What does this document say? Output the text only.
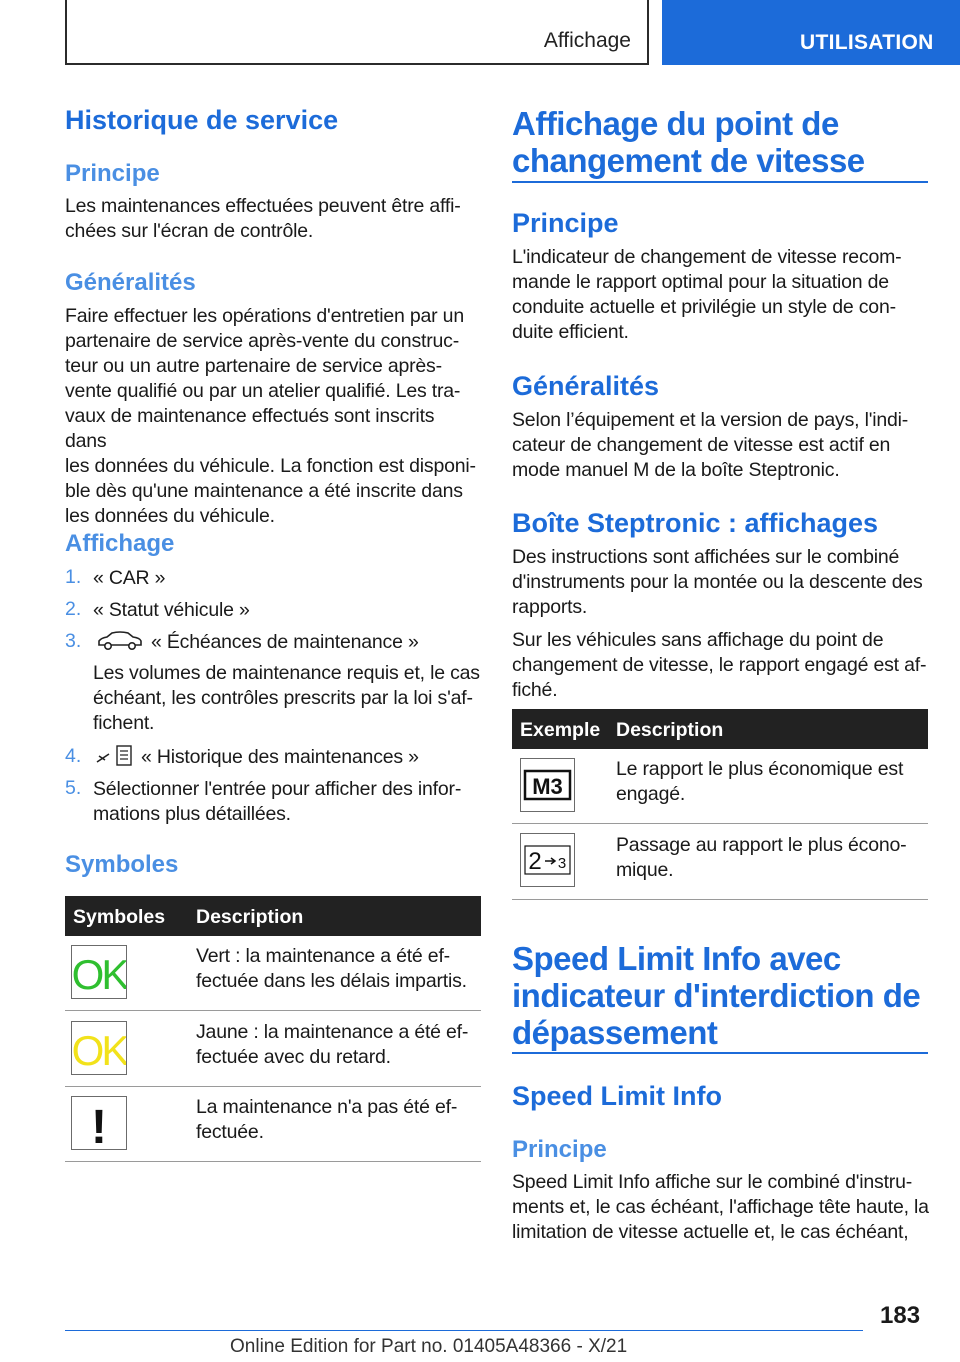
Affichage	UTILISATION
Historique de service
Principe
Les maintenances effectuées peuvent être affi-
chées sur l'écran de contrôle.
Généralités
Faire effectuer les opérations d'entretien par un
partenaire de service après-vente du construc-
teur ou un autre partenaire de service après-
vente qualifié ou par un atelier qualifié. Les tra-
vaux de maintenance effectués sont inscrits dans
les données du véhicule. La fonction est disponi-
ble dès qu'une maintenance a été inscrite dans
les données du véhicule.
Affichage
1. « CAR »
2. « Statut véhicule »
3.	« Échéances de maintenance »
Les volumes de maintenance requis et, le cas
échéant, les contrôles prescrits par la loi s'af-
fichent.
4.	« Historique des maintenances »
5. Sélectionner l'entrée pour afficher des infor-
mations plus détaillées.
Symboles
Symboles Description
OK	Vert : la maintenance a été ef-
fectuée dans les délais impartis.
OK	Jaune : la maintenance a été ef-
fectuée avec du retard.
!	La maintenance n'a pas été ef-
fectuée.
Affichage du point de
changement de vitesse
Principe
L'indicateur de changement de vitesse recom-
mande le rapport optimal pour la situation de
conduite actuelle et privilégie un style de con-
duite efficient.
Généralités
Selon l’équipement et la version de pays, l'indi-
cateur de changement de vitesse est actif en
mode manuel M de la boîte Steptronic.
Boîte Steptronic : affichages
Des instructions sont affichées sur le combiné
d'instruments pour la montée ou la descente des
rapports.
Sur les véhicules sans affichage du point de
changement de vitesse, le rapport engagé est af-
fiché.
Exemple Description
M3
Le rapport le plus économique est
engagé.
2 3
Passage au rapport le plus écono-
mique.
Speed Limit Info avec
indicateur d'interdiction de
dépassement
Speed Limit Info
Principe
Speed Limit Info affiche sur le combiné d'instru-
ments et, le cas échéant, l'affichage tête haute, la
limitation de vitesse actuelle et, le cas échéant,
183
Online Edition for Part no. 01405A48366 - X/21
